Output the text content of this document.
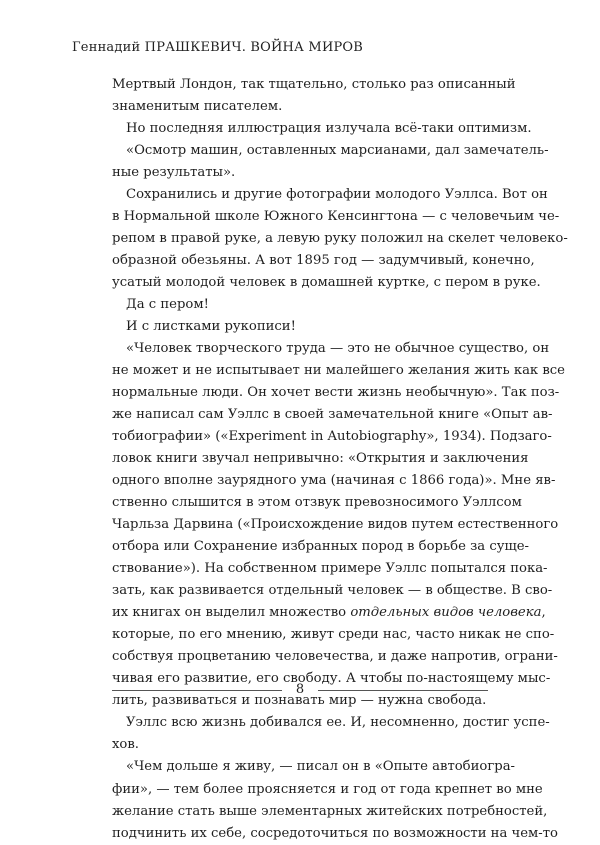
Геннадий ПРАШКЕВИЧ. ВОЙНА МИРОВ
Мертвый Лондон, так тщательно, столько раз описанный
знаменитым писателем.
Но последняя иллюстрация излучала всё-таки оптимизм.
«Осмотр машин, оставленных марсианами, дал замечатель-
ные результаты».
Сохранились и другие фотографии молодого Уэллса. Вот он
в Нормальной школе Южного Кенсингтона — с человечьим че-
репом в правой руке, а левую руку положил на скелет человеко-
образной обезьяны. А вот 1895 год — задумчивый, конечно,
усатый молодой человек в домашней куртке, с пером в руке.
Да с пером!
И с листками рукописи!
«Человек творческого труда — это не обычное существо, он
не может и не испытывает ни малейшего желания жить как все
нормальные люди. Он хочет вести жизнь необычную». Так поз-
же написал сам Уэллс в своей замечательной книге «Опыт ав-
тобиографии» («Experiment in Autobiography», 1934). Подзаго-
ловок книги звучал непривычно: «Открытия и заключения
одного вполне заурядного ума (начиная с 1866 года)». Мне яв-
ственно слышится в этом отзвук превозносимого Уэллсом
Чарльза Дарвина («Происхождение видов путем естественного
отбора или Сохранение избранных пород в борьбе за суще-
ствование»). На собственном примере Уэллс попытался пока-
зать, как развивается отдельный человек — в обществе. В сво-
их книгах он выделил множество отдельных видов человека,
которые, по его мнению, живут среди нас, часто никак не спо-
собствуя процветанию человечества, и даже напротив, ограни-
чивая его развитие, его свободу. А чтобы по-настоящему мыс-
лить, развиваться и познавать мир — нужна свобода.
Уэллс всю жизнь добивался ее. И, несомненно, достиг успе-
хов.
«Чем дольше я живу, — писал он в «Опыте автобиогра-
фии», — тем более проясняется и год от года крепнет во мне
желание стать выше элементарных житейских потребностей,
подчинить их себе, сосредоточиться по возможности на чем-то
8
